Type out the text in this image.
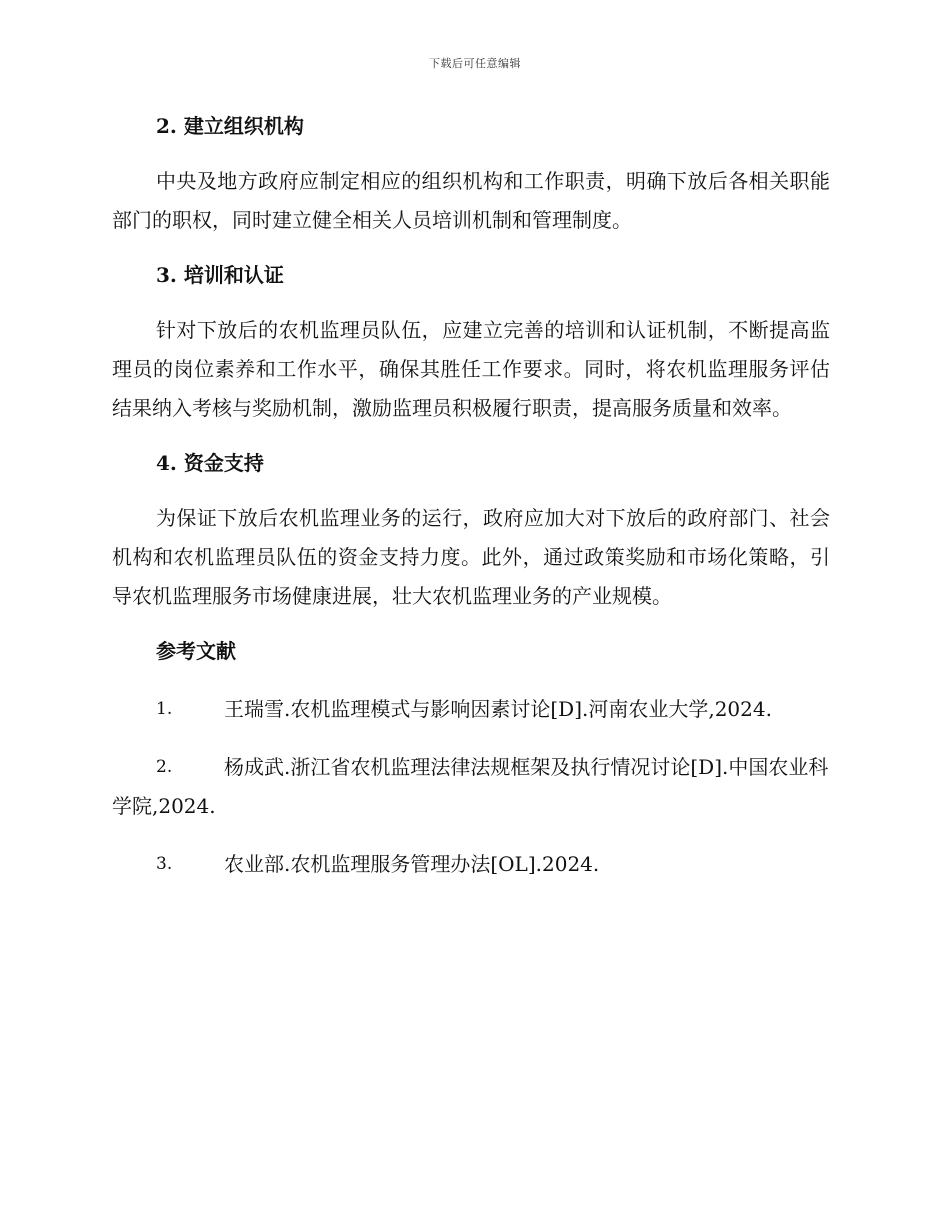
下载后可任意编辑
2. 建立组织机构

中央及地方政府应制定相应的组织机构和工作职责，明确下放后各相关职能部门的职权，同时建立健全相关人员培训机制和管理制度。

3. 培训和认证

针对下放后的农机监理员队伍，应建立完善的培训和认证机制，不断提高监理员的岗位素养和工作水平，确保其胜任工作要求。同时，将农机监理服务评估结果纳入考核与奖励机制，激励监理员积极履行职责，提高服务质量和效率。

4. 资金支持

为保证下放后农机监理业务的运行，政府应加大对下放后的政府部门、社会机构和农机监理员队伍的资金支持力度。此外，通过政策奖励和市场化策略，引导农机监理服务市场健康进展，壮大农机监理业务的产业规模。

参考文献

1.	王瑞雪.农机监理模式与影响因素讨论[D].河南农业大学,2024.

2.	杨成武.浙江省农机监理法律法规框架及执行情况讨论[D].中国农业科学院,2024.

3.	农业部.农机监理服务管理办法[OL].2024.
